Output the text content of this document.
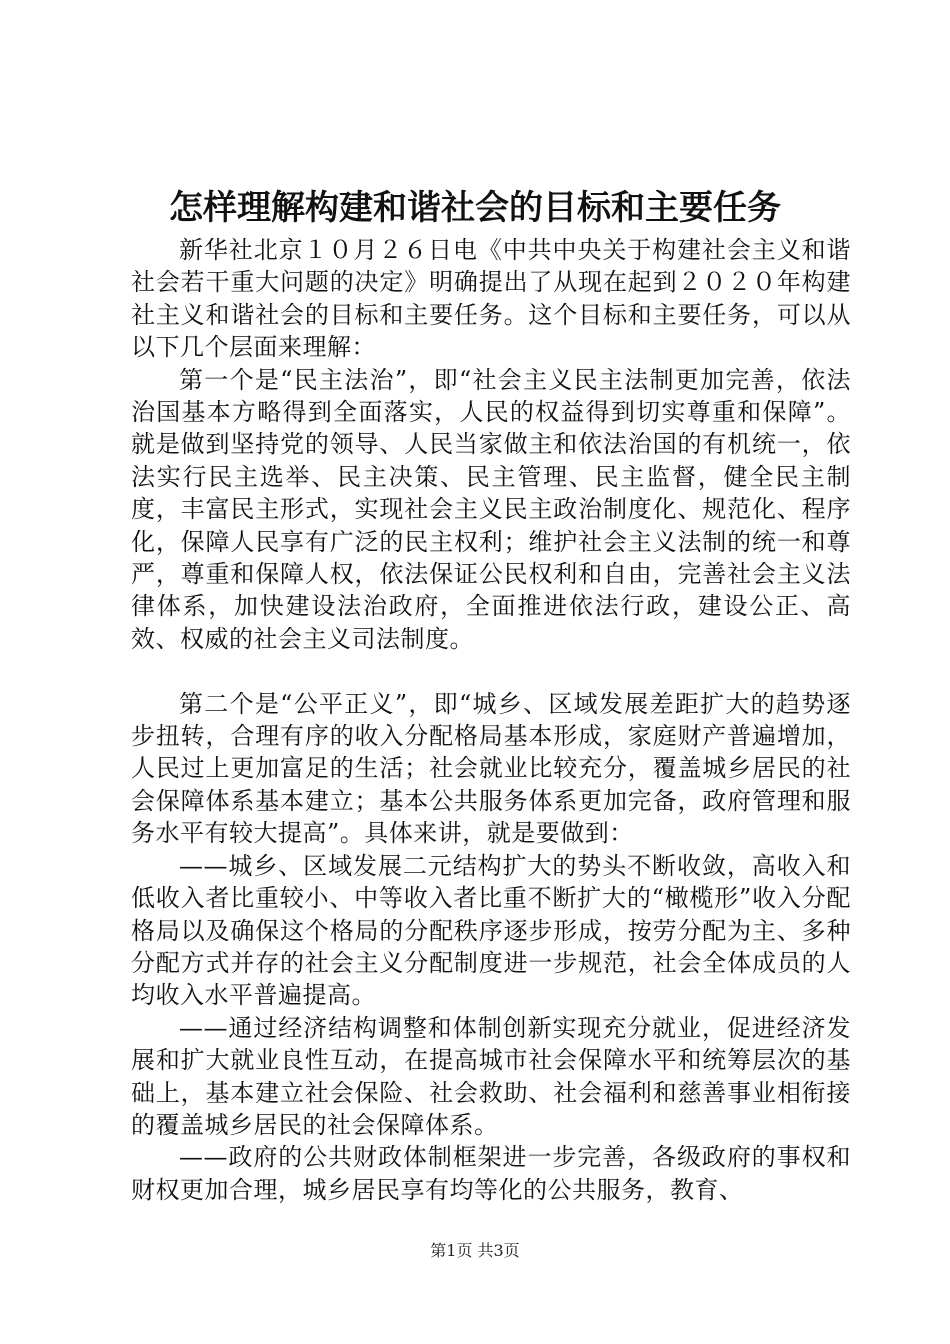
怎样理解构建和谐社会的目标和主要任务

新华社北京１０月２６日电《中共中央关于构建社会主义和谐社会若干重大问题的决定》明确提出了从现在起到２０２０年构建社主义和谐社会的目标和主要任务。这个目标和主要任务，可以从以下几个层面来理解：

第一个是“民主法治”，即“社会主义民主法制更加完善，依法治国基本方略得到全面落实，人民的权益得到切实尊重和保障”。就是做到坚持党的领导、人民当家做主和依法治国的有机统一，依法实行民主选举、民主决策、民主管理、民主监督，健全民主制度，丰富民主形式，实现社会主义民主政治制度化、规范化、程序化，保障人民享有广泛的民主权利；维护社会主义法制的统一和尊严，尊重和保障人权，依法保证公民权利和自由，完善社会主义法律体系，加快建设法治政府，全面推进依法行政，建设公正、高效、权威的社会主义司法制度。

第二个是“公平正义”，即“城乡、区域发展差距扩大的趋势逐步扭转，合理有序的收入分配格局基本形成，家庭财产普遍增加，人民过上更加富足的生活；社会就业比较充分，覆盖城乡居民的社会保障体系基本建立；基本公共服务体系更加完备，政府管理和服务水平有较大提高”。具体来讲，就是要做到：

——城乡、区域发展二元结构扩大的势头不断收敛，高收入和低收入者比重较小、中等收入者比重不断扩大的“橄榄形”收入分配格局以及确保这个格局的分配秩序逐步形成，按劳分配为主、多种分配方式并存的社会主义分配制度进一步规范，社会全体成员的人均收入水平普遍提高。

——通过经济结构调整和体制创新实现充分就业，促进经济发展和扩大就业良性互动，在提高城市社会保障水平和统筹层次的基础上，基本建立社会保险、社会救助、社会福利和慈善事业相衔接的覆盖城乡居民的社会保障体系。

——政府的公共财政体制框架进一步完善，各级政府的事权和财权更加合理，城乡居民享有均等化的公共服务，教育、

第1页 共3页
